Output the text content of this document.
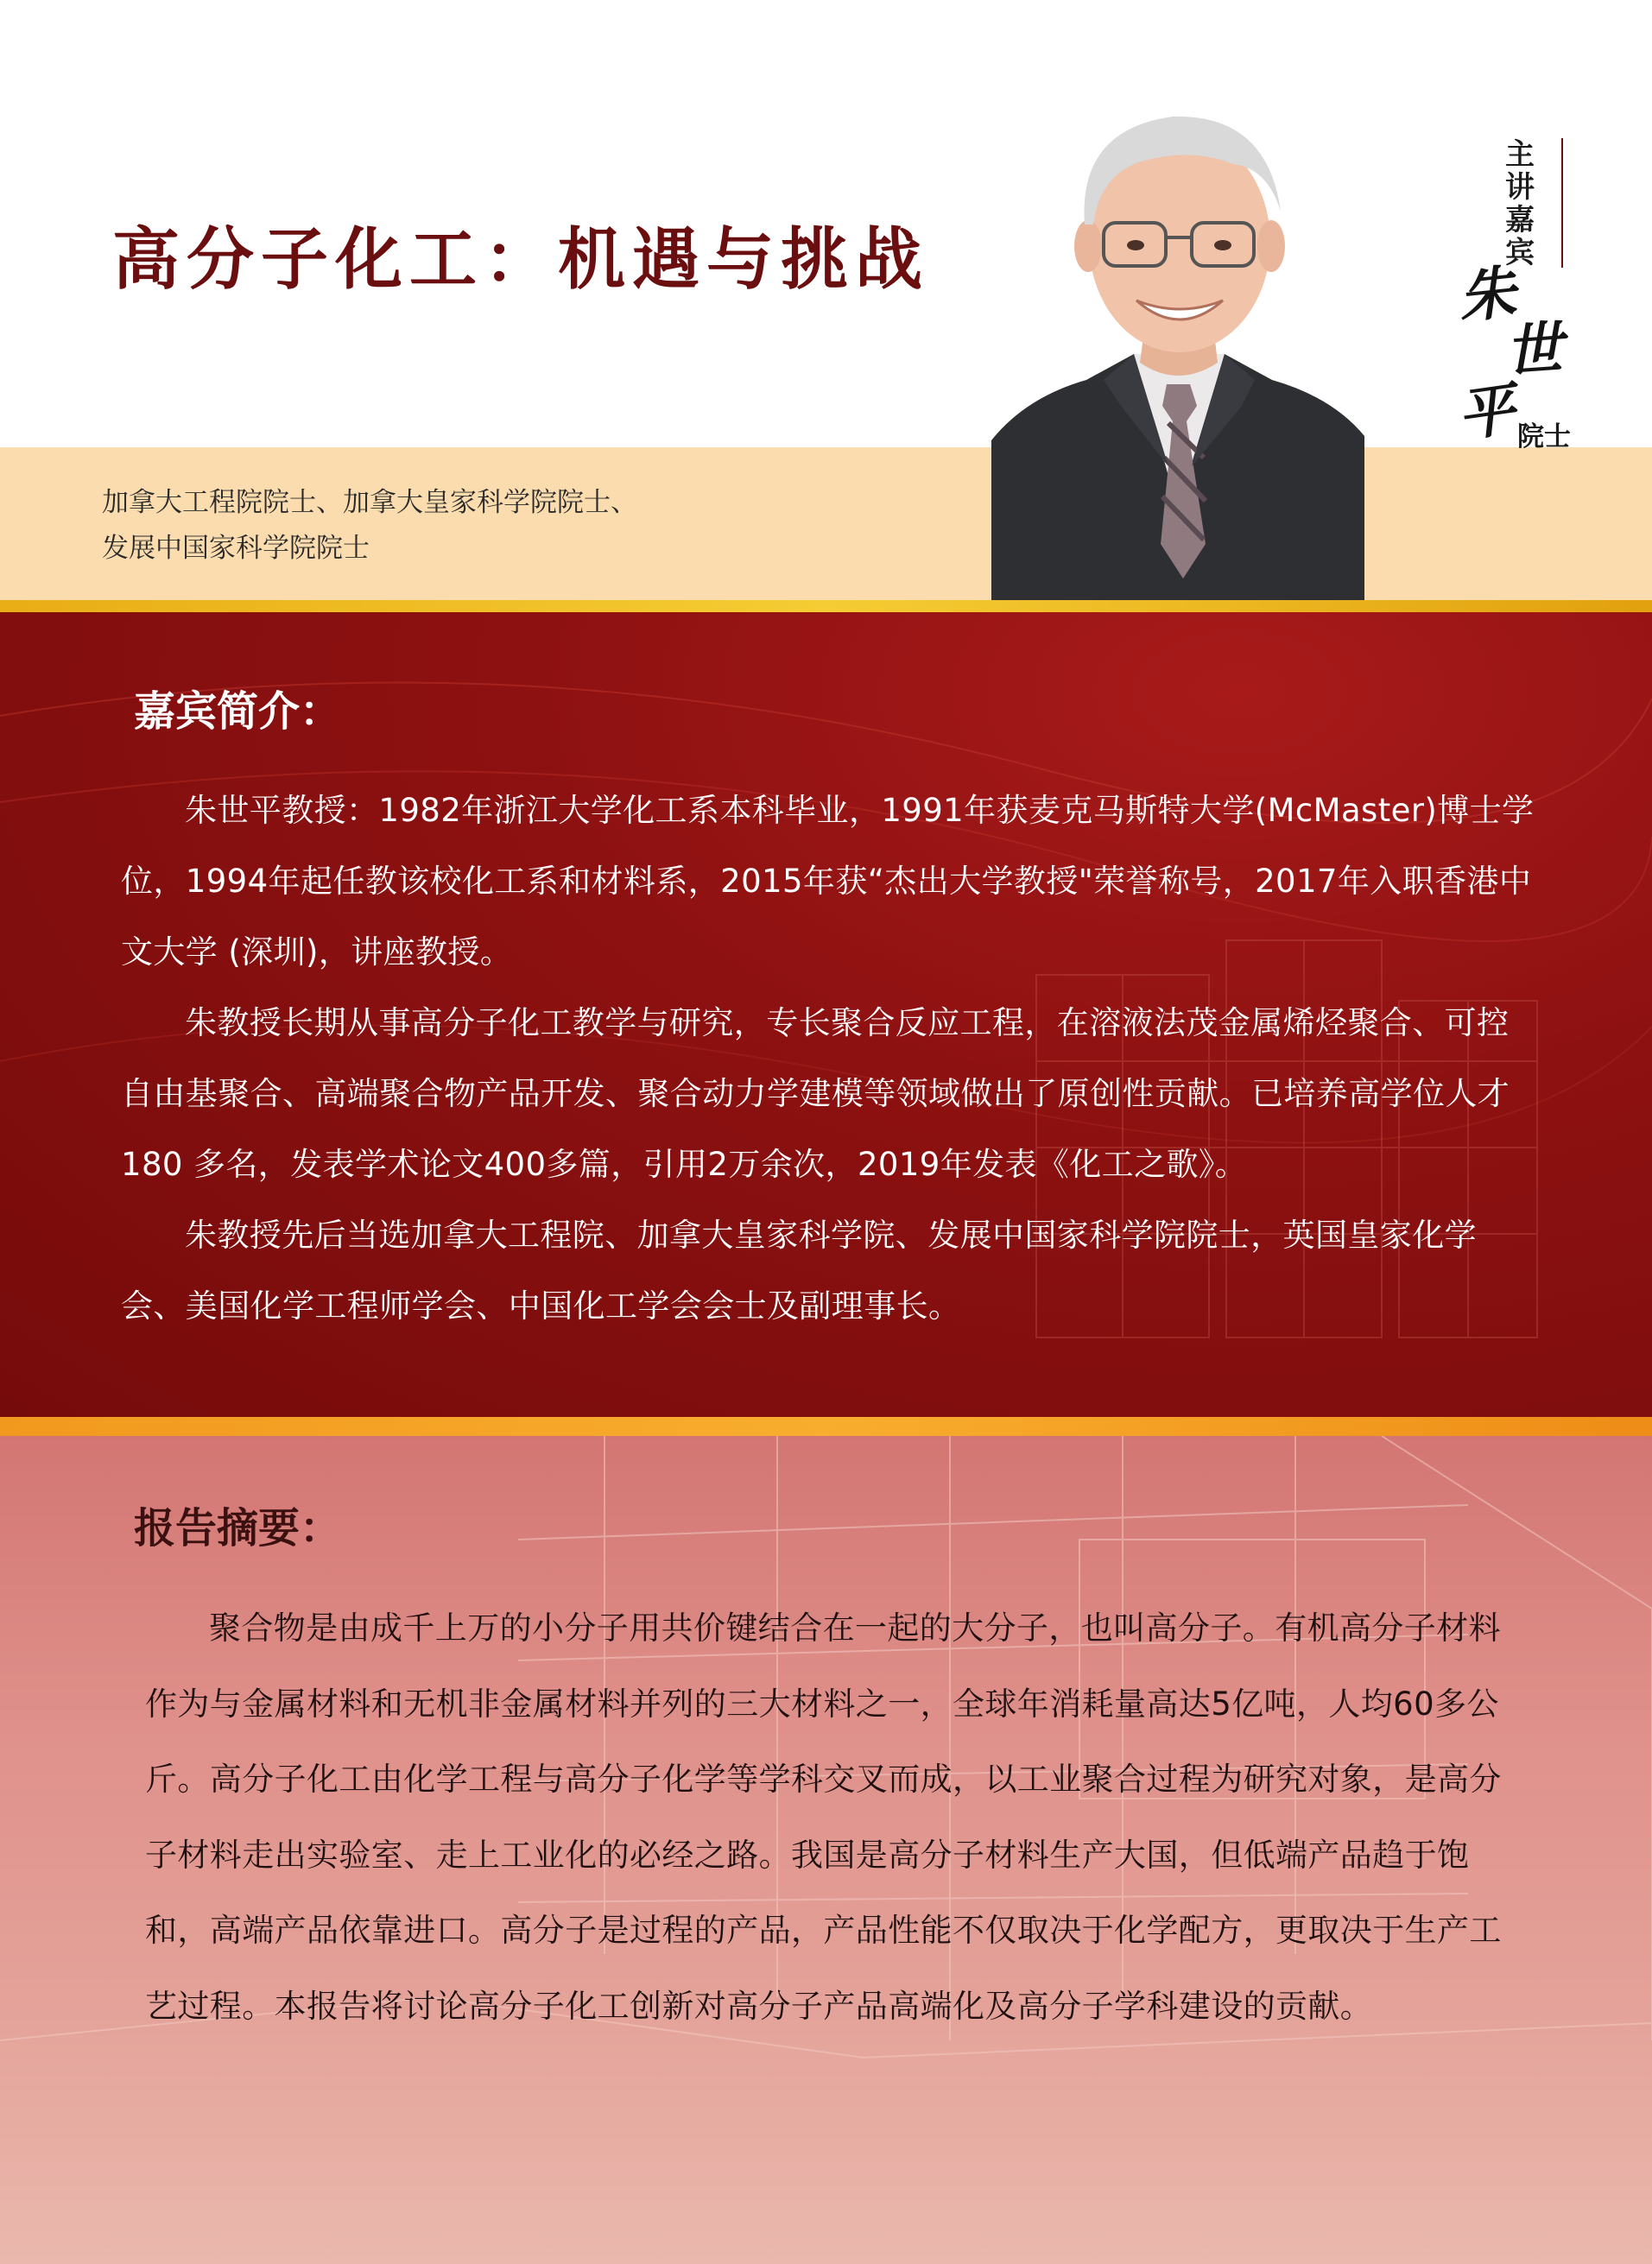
高分子化工：机遇与挑战
加拿大工程院院士、加拿大皇家科学院院士、
发展中国家科学院院士
主讲嘉宾
朱
世
平
院士
嘉宾简介：

朱世平教授：1982年浙江大学化工系本科毕业，1991年获麦克马斯特大学(McMaster)博士学位，1994年起任教该校化工系和材料系，2015年获“杰出大学教授"荣誉称号，2017年入职香港中文大学 (深圳)，讲座教授。

朱教授长期从事高分子化工教学与研究，专长聚合反应工程，在溶液法茂金属烯烃聚合、可控自由基聚合、高端聚合物产品开发、聚合动力学建模等领域做出了原创性贡献。已培养高学位人才180 多名，发表学术论文400多篇，引用2万余次，2019年发表《化工之歌》。

朱教授先后当选加拿大工程院、加拿大皇家科学院、发展中国家科学院院士，英国皇家化学会、美国化学工程师学会、中国化工学会会士及副理事长。

报告摘要：

聚合物是由成千上万的小分子用共价键结合在一起的大分子，也叫高分子。有机高分子材料作为与金属材料和无机非金属材料并列的三大材料之一，全球年消耗量高达5亿吨，人均60多公斤。高分子化工由化学工程与高分子化学等学科交叉而成，以工业聚合过程为研究对象，是高分子材料走出实验室、走上工业化的必经之路。我国是高分子材料生产大国，但低端产品趋于饱和，高端产品依靠进口。高分子是过程的产品，产品性能不仅取决于化学配方，更取决于生产工艺过程。本报告将讨论高分子化工创新对高分子产品高端化及高分子学科建设的贡献。
